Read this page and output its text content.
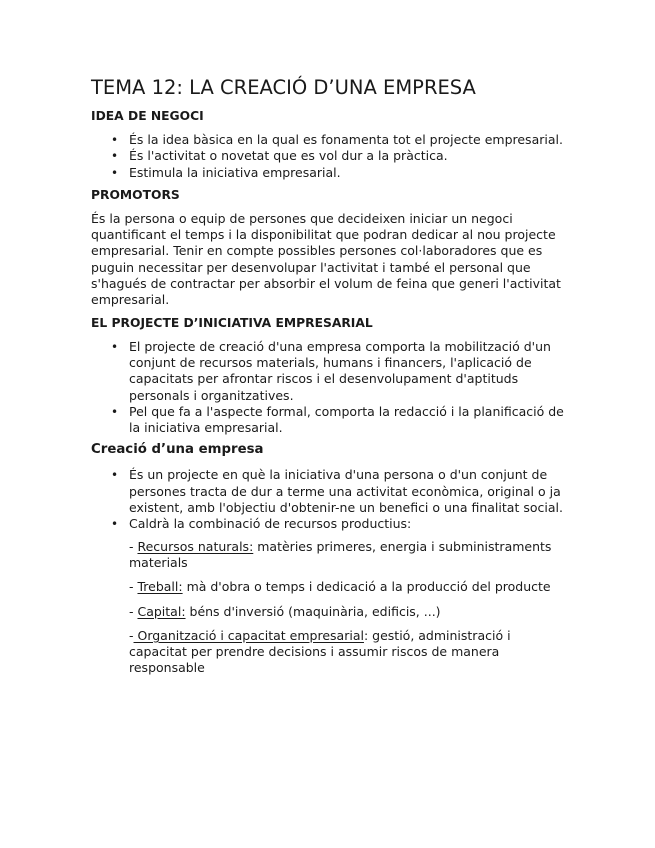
TEMA 12: LA CREACIÓ D’UNA EMPRESA
IDEA DE NEGOCI
• És la idea bàsica en la qual es fonamenta tot el projecte empresarial.
• És l'activitat o novetat que es vol dur a la pràctica.
• Estimula la iniciativa empresarial.
PROMOTORS

És la persona o equip de persones que decideixen iniciar un negoci quantificant el temps i la disponibilitat que podran dedicar al nou projecte empresarial. Tenir en compte possibles persones col·laboradores que es puguin necessitar per desenvolupar l'activitat i també el personal que s'hagués de contractar per absorbir el volum de feina que generi l'activitat empresarial.

EL PROJECTE D’INICIATIVA EMPRESARIAL
• El projecte de creació d'una empresa comporta la mobilització d'un conjunt de recursos materials, humans i financers, l'aplicació de capacitats per afrontar riscos i el desenvolupament d'aptituds personals i organitzatives.
• Pel que fa a l'aspecte formal, comporta la redacció i la planificació de la iniciativa empresarial.
Creació d’una empresa
• És un projecte en què la iniciativa d'una persona o d'un conjunt de persones tracta de dur a terme una activitat econòmica, original o ja existent, amb l'objectiu d'obtenir-ne un benefici o una finalitat social.
• Caldrà la combinació de recursos productius:
- Recursos naturals: matèries primeres, energia i subministraments materials
- Treball: mà d'obra o temps i dedicació a la producció del producte
- Capital: béns d'inversió (maquinària, edificis, ...)
- Organització i capacitat empresarial: gestió, administració i capacitat per prendre decisions i assumir riscos de manera responsable
